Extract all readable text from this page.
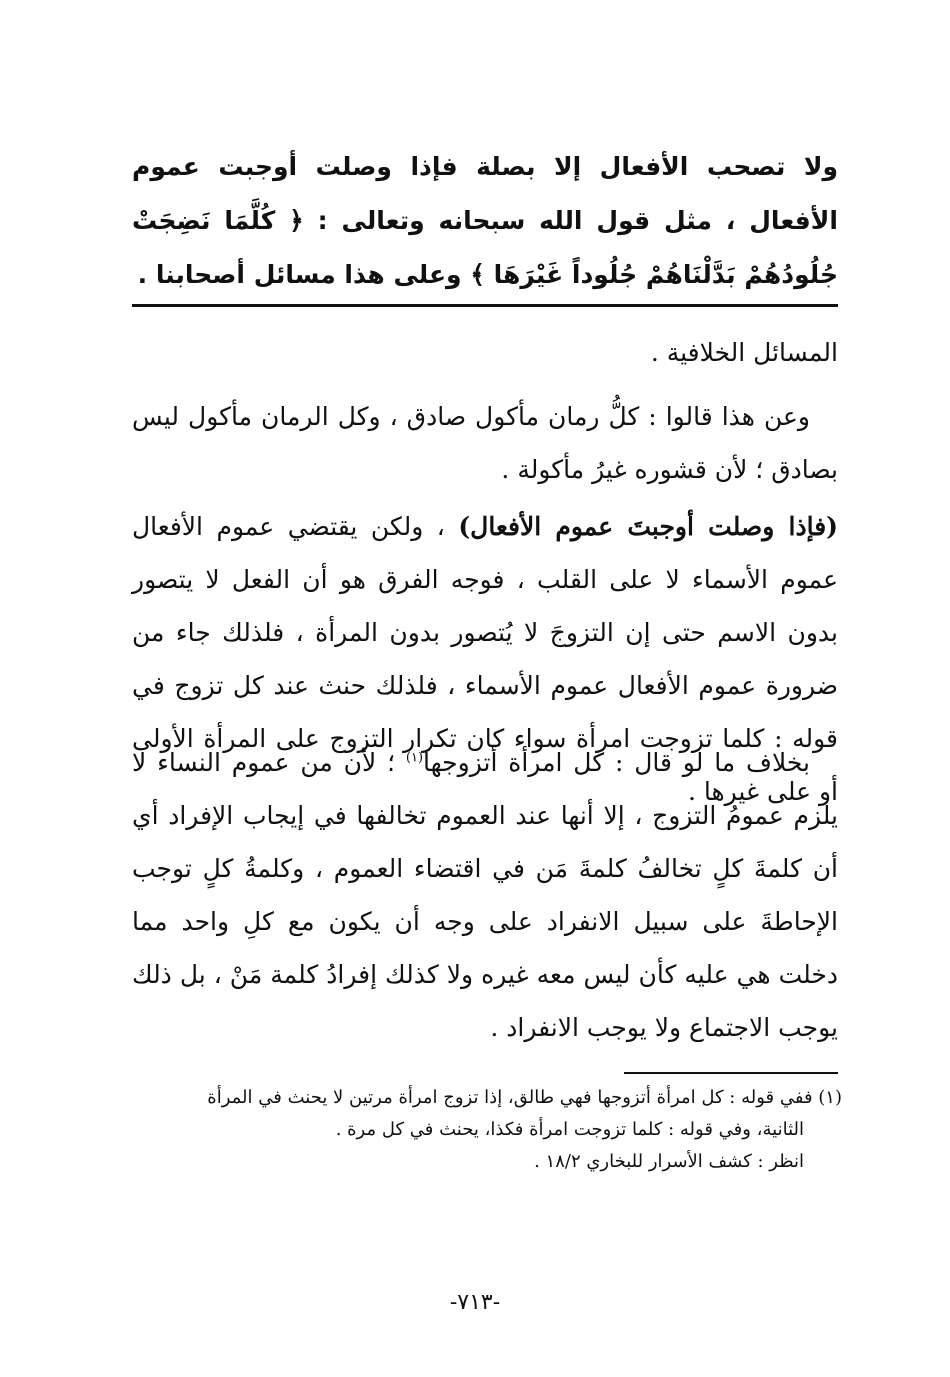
ولا تصحب الأفعال إلا بصلة فإذا وصلت أوجبت عموم الأفعال ، مثل قول الله سبحانه وتعالى : ﴿ كُلَّمَا نَضِجَتْ جُلُودُهُمْ بَدَّلْنَاهُمْ جُلُوداً غَيْرَهَا ﴾ وعلى هذا مسائل أصحابنا .

المسائل الخلافية .

وعن هذا قالوا : كلُّ رمان مأكول صادق ، وكل الرمان مأكول ليس بصادق ؛ لأن قشوره غيرُ مأكولة .

(فإذا وصلت أوجبتَ عموم الأفعال) ، ولكن يقتضي عموم الأفعال عموم الأسماء لا على القلب ، فوجه الفرق هو أن الفعل لا يتصور بدون الاسم حتى إن التزوجَ لا يُتصور بدون المرأة ، فلذلك جاء من ضرورة عموم الأفعال عموم الأسماء ، فلذلك حنث عند كل تزوج في قوله : كلما تزوجت امرأة سواء كان تكرار التزوج على المرأة الأولى أو على غيرها .

بخلاف ما لو قال : كل امرأة أتزوجها$^{(١)}$ ؛ لأن من عموم النساء لا يلزم عمومُ التزوج ، إلا أنها عند العموم تخالفها في إيجاب الإفراد أي أن كلمةَ كلٍ تخالفُ كلمةَ مَن في اقتضاء العموم ، وكلمةُ كلٍ توجب الإحاطةَ على سبيل الانفراد على وجه أن يكون مع كلِ واحد مما دخلت هي عليه كأن ليس معه غيره ولا كذلك إفرادُ كلمة مَنْ ، بل ذلك يوجب الاجتماع ولا يوجب الانفراد .

(١) ففي قوله : كل امرأة أتزوجها فهي طالق، إذا تزوج امرأة مرتين لا يحنث في المرأة
الثانية، وفي قوله : كلما تزوجت امرأة فكذا، يحنث في كل مرة .
انظر : كشف الأسرار للبخاري ١٨/٢ .
-٧١٣-
